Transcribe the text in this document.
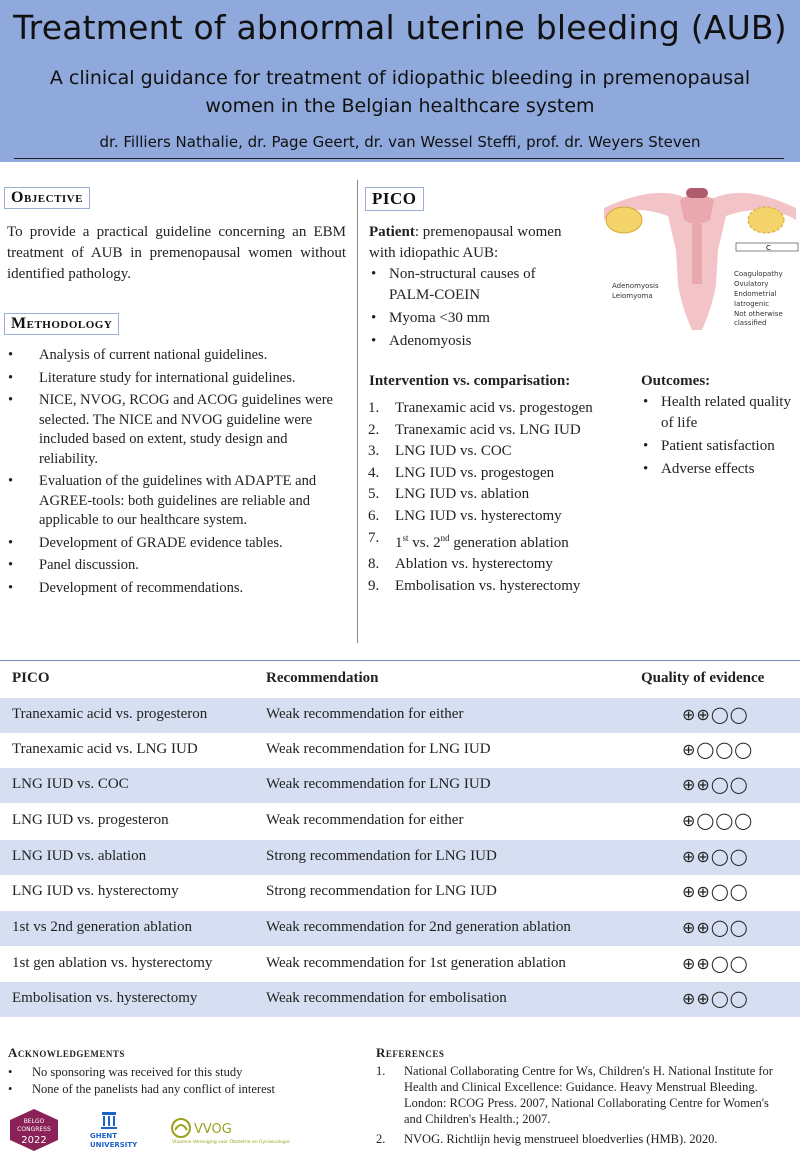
Treatment of abnormal uterine bleeding (AUB)
A clinical guidance for treatment of idiopathic bleeding in premenopausal
women in the Belgian healthcare system
dr. Filliers Nathalie, dr. Page Geert, dr. van Wessel Steffi, prof. dr. Weyers Steven
Objective
To provide a practical guideline concerning an EBM treatment of AUB in premenopausal women without identified pathology.
Methodology
• Analysis of current national guidelines.
• Literature study for international guidelines.
• NICE, NVOG, RCOG and ACOG guidelines were selected. The NICE and NVOG guideline were included based on extent, study design and reliability.
• Evaluation of the guidelines with ADAPTE and AGREE-tools: both guidelines are reliable and applicable to our healthcare system.
• Development of GRADE evidence tables.
• Panel discussion.
• Development of recommendations.
PICO
Patient: premenopausal women
with idiopathic AUB:
• Non-structural causes of PALM-COEIN
• Myoma <30 mm
• Adenomyosis
C
Adenomyosis
Leiomyoma
Coagulopathy
Ovulatory
Endometrial
Iatrogenic
Not otherwise
classified
Intervention vs. comparisation:
1. Tranexamic acid vs. progestogen
2. Tranexamic acid vs. LNG IUD
3. LNG IUD vs. COC
4. LNG IUD vs. progestogen
5. LNG IUD vs. ablation
6. LNG IUD vs. hysterectomy
7. 1st vs. 2nd generation ablation
8. Ablation vs. hysterectomy
9. Embolisation vs. hysterectomy
Outcomes:
• Health related quality of life
• Patient satisfaction
• Adverse effects
PICO	Recommendation	Quality of evidence
Tranexamic acid vs. progesteron	Weak recommendation for either	⊕⊕◯◯
Tranexamic acid vs. LNG IUD	Weak recommendation for LNG IUD	⊕◯◯◯
LNG IUD vs. COC	Weak recommendation for LNG IUD	⊕⊕◯◯
LNG IUD vs. progesteron	Weak recommendation for either	⊕◯◯◯
LNG IUD vs. ablation	Strong recommendation for LNG IUD	⊕⊕◯◯
LNG IUD vs. hysterectomy	Strong recommendation for LNG IUD	⊕⊕◯◯
1st vs 2nd generation ablation	Weak recommendation for 2nd generation ablation	⊕⊕◯◯
1st gen ablation vs. hysterectomy	Weak recommendation for 1st generation ablation	⊕⊕◯◯
Embolisation vs. hysterectomy	Weak recommendation for embolisation	⊕⊕◯◯
Acknowledgements
• No sponsoring was received for this study
• None of the panelists had any conflict of interest
References
1. National Collaborating Centre for Ws, Children's H. National Institute for Health and Clinical Excellence: Guidance. Heavy Menstrual Bleeding. London: RCOG Press. 2007, National Collaborating Centre for Women's and Children's Health.; 2007.
2. NVOG. Richtlijn hevig menstrueel bloedverlies (HMB). 2020.
BELGO
CONGRESS
2022	GHENT
UNIVERSITY
VVOG
Vlaamse Vereniging voor Obstetrie en Gynaecologie
